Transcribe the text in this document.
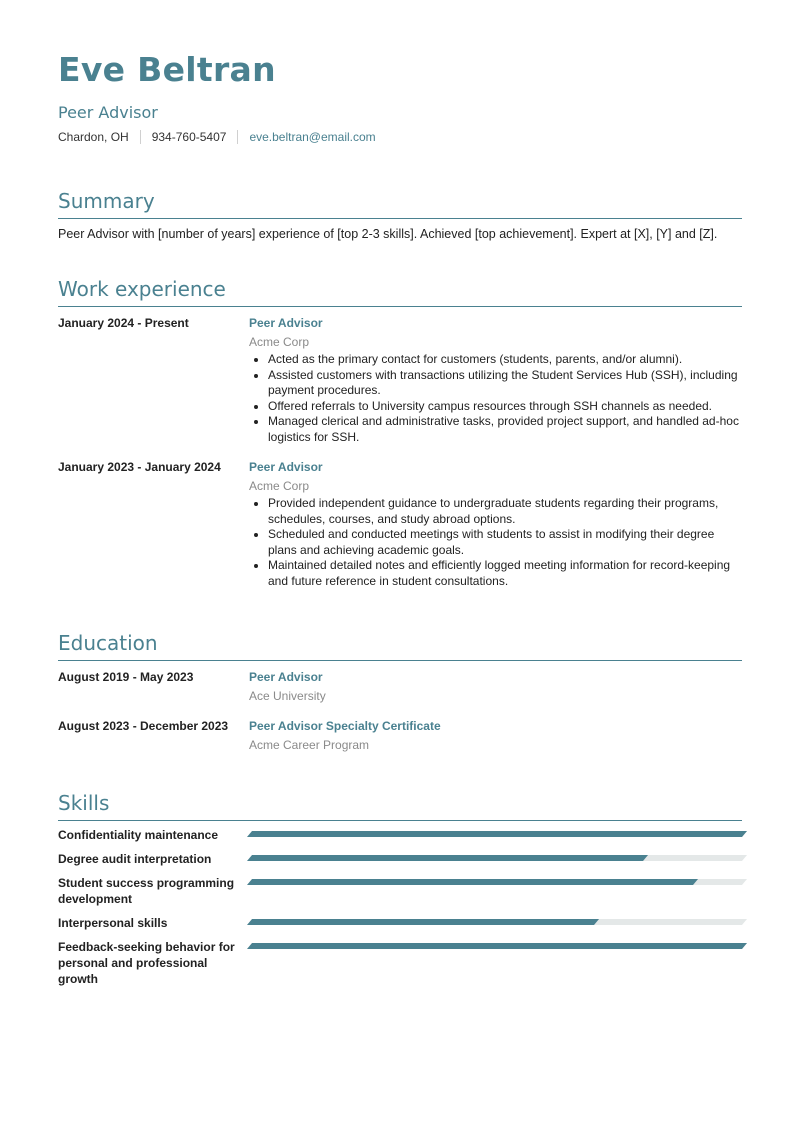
Eve Beltran
Peer Advisor
Chardon, OH 934-760-5407 eve.beltran@email.com
Summary
Peer Advisor with [number of years] experience of [top 2-3 skills]. Achieved [top achievement]. Expert at [X], [Y] and [Z].
Work experience
January 2024 - Present	Peer Advisor
Acme Corp
• Acted as the primary contact for customers (students, parents, and/or alumni).
• Assisted customers with transactions utilizing the Student Services Hub (SSH), including payment procedures.
• Offered referrals to University campus resources through SSH channels as needed.
• Managed clerical and administrative tasks, provided project support, and handled ad-hoc logistics for SSH.
January 2023 - January 2024	Peer Advisor
Acme Corp
• Provided independent guidance to undergraduate students regarding their programs, schedules, courses, and study abroad options.
• Scheduled and conducted meetings with students to assist in modifying their degree plans and achieving academic goals.
• Maintained detailed notes and efficiently logged meeting information for record-keeping and future reference in student consultations.
Education
August 2019 - May 2023	Peer Advisor
Ace University
August 2023 - December 2023	Peer Advisor Specialty Certificate
Acme Career Program
Skills
Confidentiality maintenance
Degree audit interpretation
Student success programming development
Interpersonal skills
Feedback-seeking behavior for personal and professional growth
